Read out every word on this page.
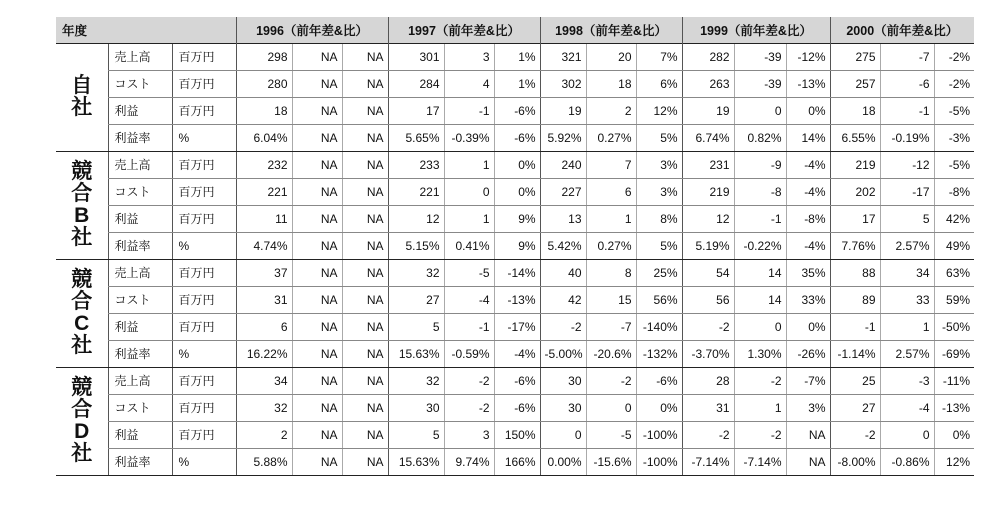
年度			1996（前年差&比）			1997（前年差&比）			1998（前年差&比）			1999（前年差&比）			2000（前年差&比）		
自社	売上高	百万円	298	NA	NA	301	3	1%	321	20	7%	282	-39	-12%	275	-7	-2%
	コスト	百万円	280	NA	NA	284	4	1%	302	18	6%	263	-39	-13%	257	-6	-2%
	利益	百万円	18	NA	NA	17	-1	-6%	19	2	12%	19	0	0%	18	-1	-5%
	利益率	%	6.04%	NA	NA	5.65%	-0.39%	-6%	5.92%	0.27%	5%	6.74%	0.82%	14%	6.55%	-0.19%	-3%
競合B社	売上高	百万円	232	NA	NA	233	1	0%	240	7	3%	231	-9	-4%	219	-12	-5%
	コスト	百万円	221	NA	NA	221	0	0%	227	6	3%	219	-8	-4%	202	-17	-8%
	利益	百万円	11	NA	NA	12	1	9%	13	1	8%	12	-1	-8%	17	5	42%
	利益率	%	4.74%	NA	NA	5.15%	0.41%	9%	5.42%	0.27%	5%	5.19%	-0.22%	-4%	7.76%	2.57%	49%
競合C社	売上高	百万円	37	NA	NA	32	-5	-14%	40	8	25%	54	14	35%	88	34	63%
	コスト	百万円	31	NA	NA	27	-4	-13%	42	15	56%	56	14	33%	89	33	59%
	利益	百万円	6	NA	NA	5	-1	-17%	-2	-7	-140%	-2	0	0%	-1	1	-50%
	利益率	%	16.22%	NA	NA	15.63%	-0.59%	-4%	-5.00%	-20.6%	-132%	-3.70%	1.30%	-26%	-1.14%	2.57%	-69%
競合D社	売上高	百万円	34	NA	NA	32	-2	-6%	30	-2	-6%	28	-2	-7%	25	-3	-11%
	コスト	百万円	32	NA	NA	30	-2	-6%	30	0	0%	31	1	3%	27	-4	-13%
	利益	百万円	2	NA	NA	5	3	150%	0	-5	-100%	-2	-2	NA	-2	0	0%
	利益率	%	5.88%	NA	NA	15.63%	9.74%	166%	0.00%	-15.6%	-100%	-7.14%	-7.14%	NA	-8.00%	-0.86%	12%
